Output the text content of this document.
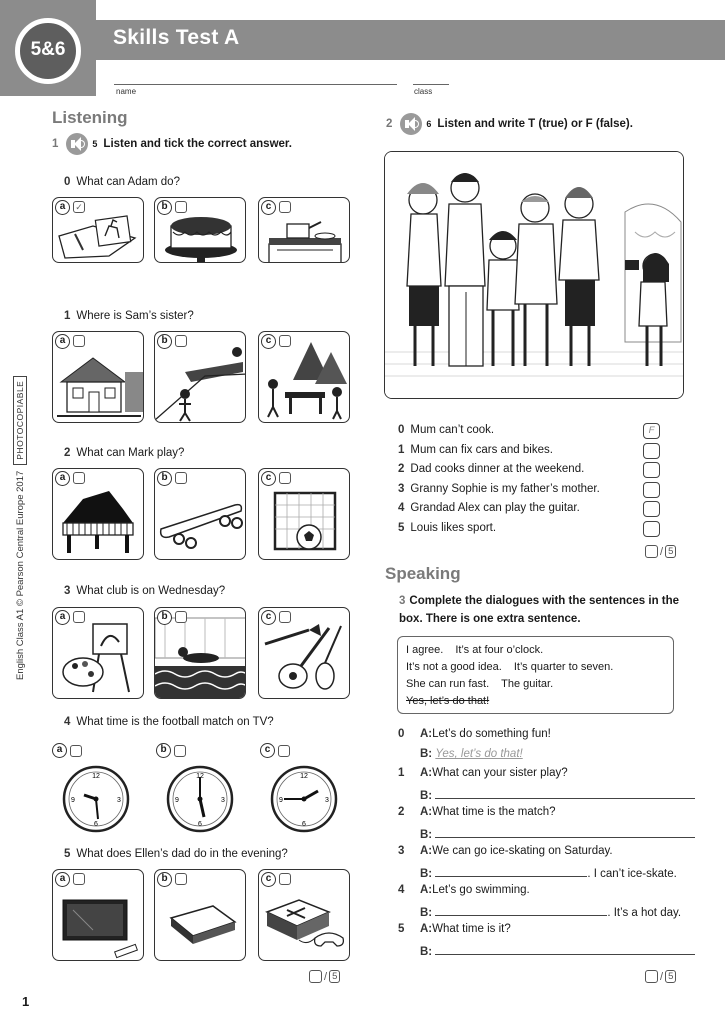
5&6
Skills Test A
name	class
English Class A1 © Pearson Central Europe 2017
PHOTOCOPIABLE
Listening
1	5 Listen and tick the correct answer.
0 What can Adam do?
a	✓	b	c
1 Where is Sam’s sister?
a	b	c
2 What can Mark play?
a	b	c
3 What club is on Wednesday?
a	b	c
4 What time is the football match on TV?
a	b	c
12
3
6
9
12
3
6
9
12
3
6
9
5 What does Ellen’s dad do in the evening?
a	b	c
/ 5
2	6 Listen and write T (true) or F (false).
0 Mum can’t cook.	F
1 Mum can fix cars and bikes.
2 Dad cooks dinner at the weekend.
3 Granny Sophie is my father’s mother.
4 Grandad Alex can play the guitar.
5 Louis likes sport.
/ 5
Speaking
3 Complete the dialogues with the sentences in the box. There is one extra sentence.
I agree. It’s at four o’clock.
It’s not a good idea. It’s quarter to seven.
She can run fast. The guitar.
Yes, let’s do that!
0 A:Let’s do something fun!
B: Yes, let’s do that!
1 A:What can your sister play?
B:
2 A:What time is the match?
B:
3 A:We can go ice-skating on Saturday.
B:	. I can’t ice-skate.
4 A:Let’s go swimming.
B:	. It’s a hot day.
5 A:What time is it?
B:
/ 5
1
